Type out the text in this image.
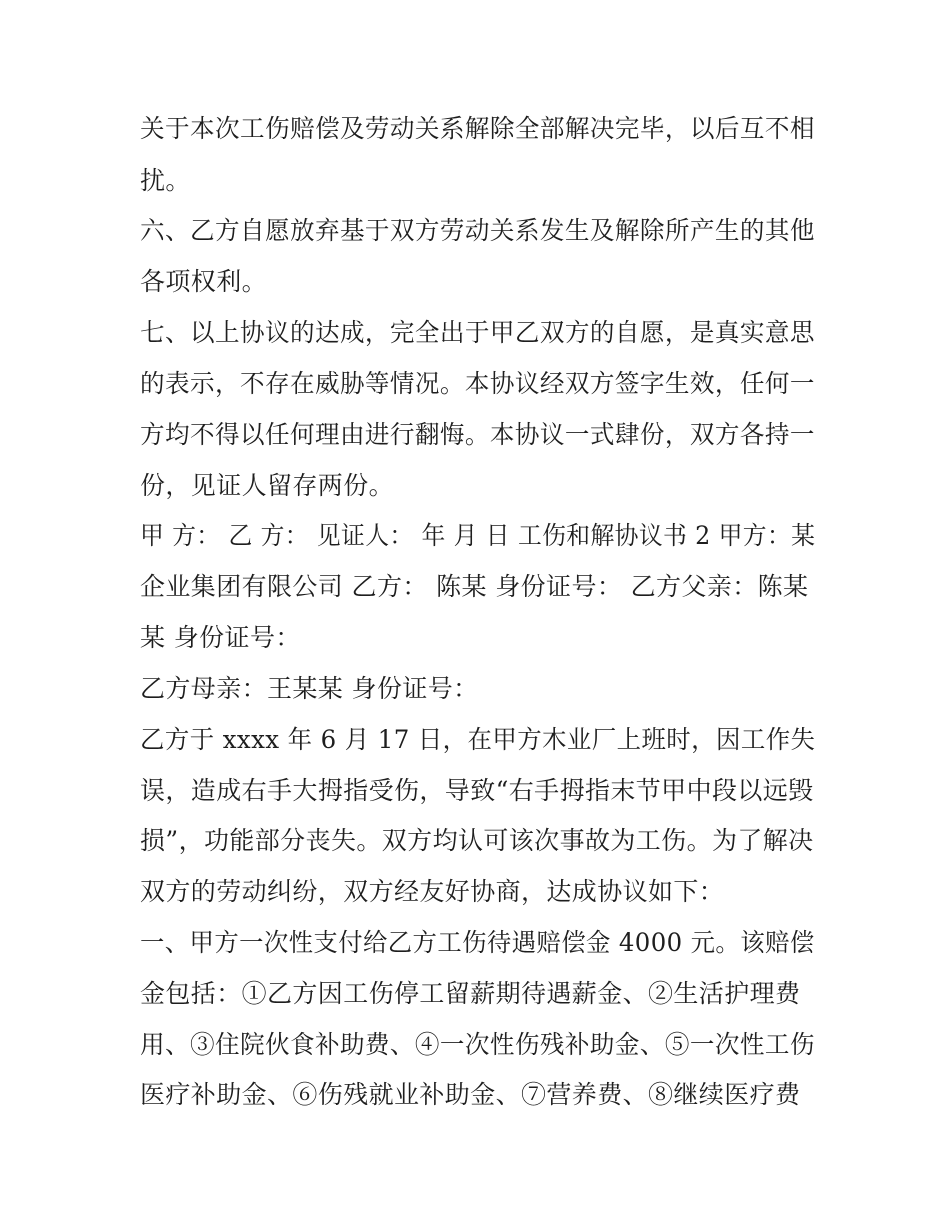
关于本次工伤赔偿及劳动关系解除全部解决完毕，以后互不相
扰。
六、乙方自愿放弃基于双方劳动关系发生及解除所产生的其他
各项权利。
七、以上协议的达成，完全出于甲乙双方的自愿，是真实意思
的表示，不存在威胁等情况。本协议经双方签字生效，任何一
方均不得以任何理由进行翻悔。本协议一式肆份，双方各持一
份，见证人留存两份。
甲 方： 乙 方： 见证人： 年 月 日 工伤和解协议书 2 甲方：某
企业集团有限公司 乙方： 陈某 身份证号： 乙方父亲：陈某
某 身份证号：
乙方母亲：王某某 身份证号：
乙方于 xxxx 年 6 月 17 日，在甲方木业厂上班时，因工作失
误，造成右手大拇指受伤，导致“右手拇指末节甲中段以远毁
损”，功能部分丧失。双方均认可该次事故为工伤。为了解决
双方的劳动纠纷，双方经友好协商，达成协议如下：
一、甲方一次性支付给乙方工伤待遇赔偿金 4000 元。该赔偿
金包括：①乙方因工伤停工留薪期待遇薪金、②生活护理费
用、③住院伙食补助费、④一次性伤残补助金、⑤一次性工伤
医疗补助金、⑥伤残就业补助金、⑦营养费、⑧继续医疗费
